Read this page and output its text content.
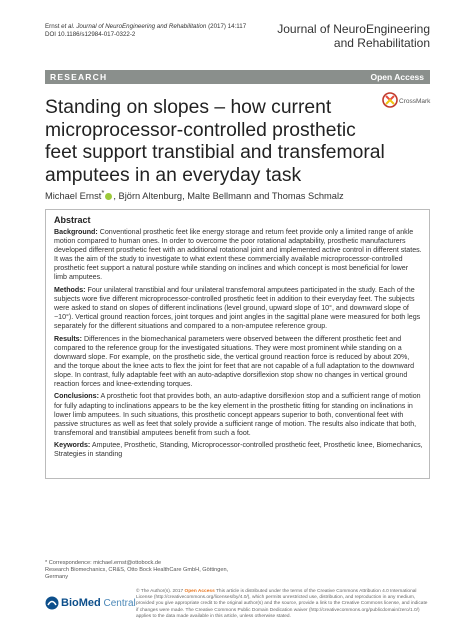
Ernst et al. Journal of NeuroEngineering and Rehabilitation (2017) 14:117
DOI 10.1186/s12984-017-0322-2	Journal of NeuroEngineering
and Rehabilitation
RESEARCH	Open Access
CrossMark
Standing on slopes – how current microprocessor-controlled prosthetic feet support transtibial and transfemoral amputees in an everyday task
Michael Ernst* , Björn Altenburg, Malte Bellmann and Thomas Schmalz
Abstract

Background: Conventional prosthetic feet like energy storage and return feet provide only a limited range of ankle motion compared to human ones. In order to overcome the poor rotational adaptability, prosthetic manufacturers developed different prosthetic feet with an additional rotational joint and implemented active control in different states. It was the aim of the study to investigate to what extent these commercially available microprocessor-controlled prosthetic feet support a natural posture while standing on inclines and which concept is most beneficial for lower limb amputees.

Methods: Four unilateral transtibial and four unilateral transfemoral amputees participated in the study. Each of the subjects wore five different microprocessor-controlled prosthetic feet in addition to their everyday feet. The subjects were asked to stand on slopes of different inclinations (level ground, upward slope of 10°, and downward slope of −10°). Vertical ground reaction forces, joint torques and joint angles in the sagittal plane were measured for both legs separately for the different situations and compared to a non-amputee reference group.

Results: Differences in the biomechanical parameters were observed between the different prosthetic feet and compared to the reference group for the investigated situations. They were most prominent while standing on a downward slope. For example, on the prosthetic side, the vertical ground reaction force is reduced by about 20%, and the torque about the knee acts to flex the joint for feet that are not capable of a full adaptation to the downward slope. In contrast, fully adaptable feet with an auto-adaptive dorsiflexion stop show no changes in vertical ground reaction forces and knee-extending torques.

Conclusions: A prosthetic foot that provides both, an auto-adaptive dorsiflexion stop and a sufficient range of motion for fully adapting to inclinations appears to be the key element in the prosthetic fitting for standing on inclinations in lower limb amputees. In such situations, this prosthetic concept appears superior to both, conventional feet with passive structures as well as feet that solely provide a sufficient range of motion. The results also indicate that both, transfemoral and transtibial amputees benefit from such a foot.

Keywords: Amputee, Prosthetic, Standing, Microprocessor-controlled prosthetic feet, Prosthetic knee, Biomechanics, Strategies in standing

* Correspondence: michael.ernst@ottobock.de
Research Biomechanics, CR&S, Otto Bock HealthCare GmbH, Göttingen,
Germany
BioMed Central
© The Author(s). 2017 Open Access This article is distributed under the terms of the Creative Commons Attribution 4.0 International License (http://creativecommons.org/licenses/by/4.0/), which permits unrestricted use, distribution, and reproduction in any medium, provided you give appropriate credit to the original author(s) and the source, provide a link to the Creative Commons license, and indicate if changes were made. The Creative Commons Public Domain Dedication waiver (http://creativecommons.org/publicdomain/zero/1.0/) applies to the data made available in this article, unless otherwise stated.
